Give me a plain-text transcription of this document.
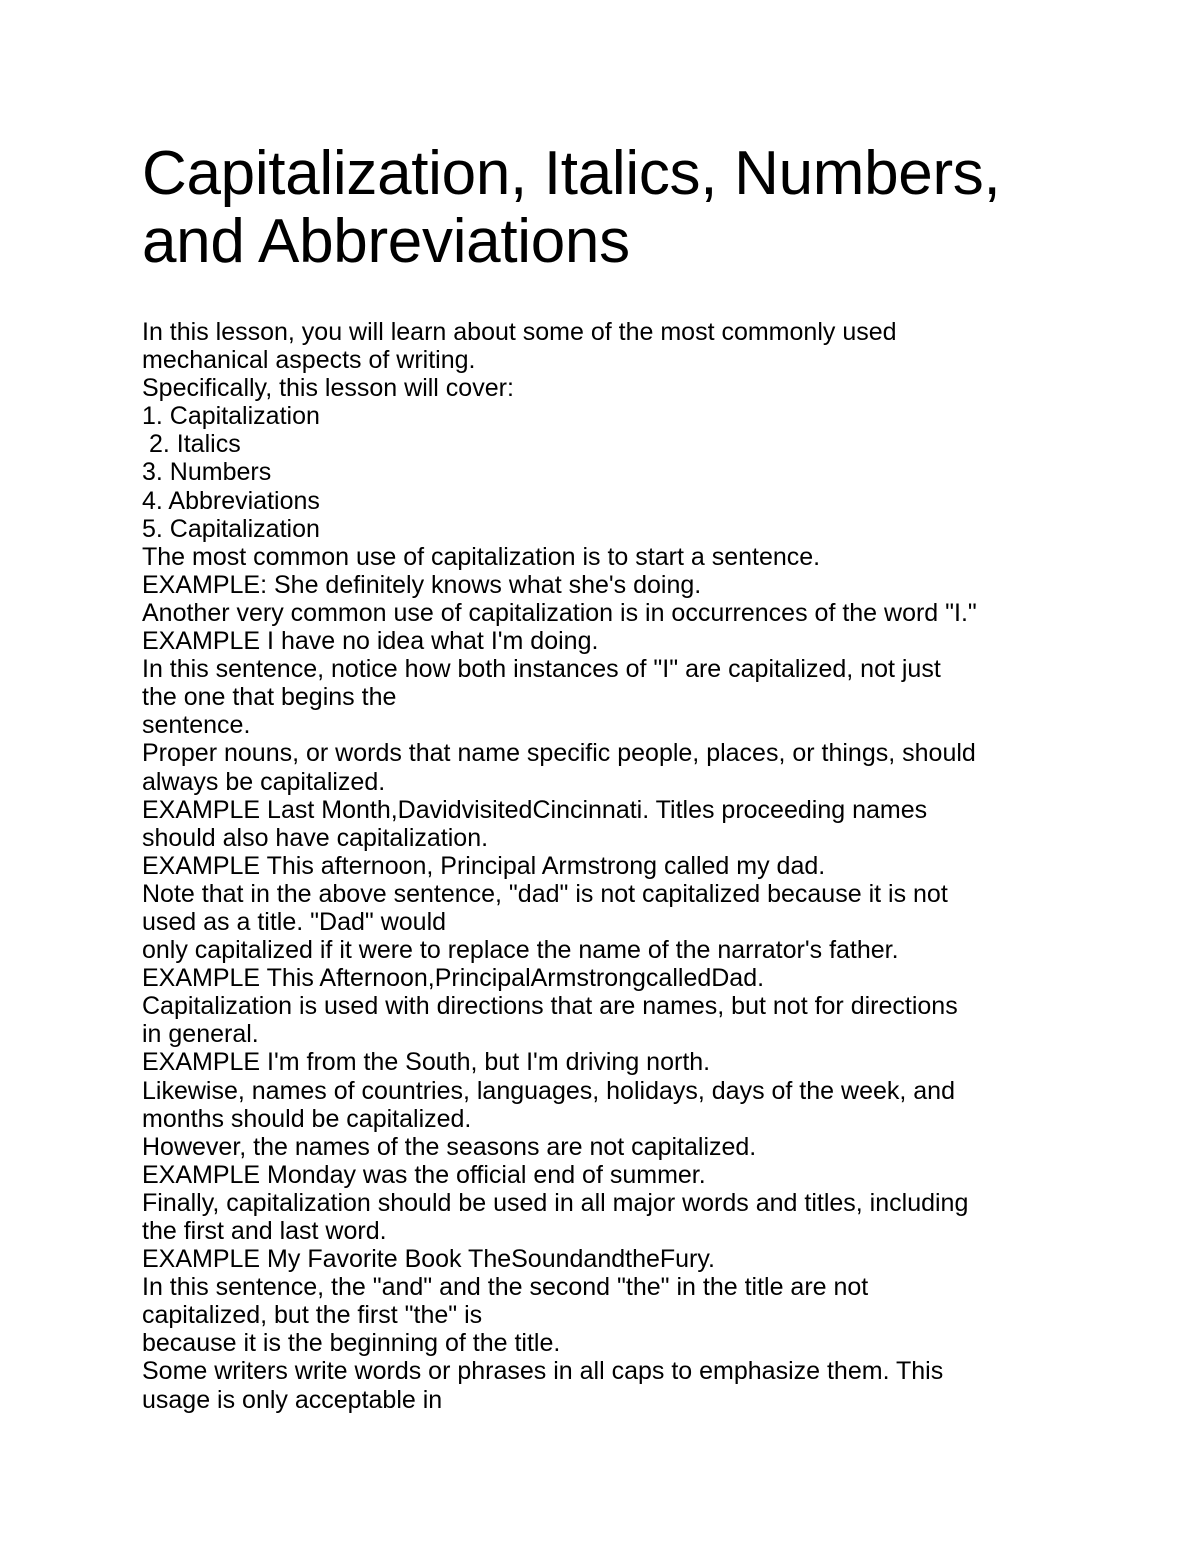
Capitalization, Italics, Numbers,
and Abbreviations
In this lesson, you will learn about some of the most commonly used
mechanical aspects of writing.
Specifically, this lesson will cover:
1. Capitalization
2. Italics
3. Numbers
4. Abbreviations
5. Capitalization
The most common use of capitalization is to start a sentence.
EXAMPLE: She definitely knows what she's doing.
Another very common use of capitalization is in occurrences of the word "I."
EXAMPLE I have no idea what I'm doing.
In this sentence, notice how both instances of "I" are capitalized, not just
the one that begins the
sentence.
Proper nouns, or words that name specific people, places, or things, should
always be capitalized.
EXAMPLE Last Month,DavidvisitedCincinnati. Titles proceeding names
should also have capitalization.
EXAMPLE This afternoon, Principal Armstrong called my dad.
Note that in the above sentence, "dad" is not capitalized because it is not
used as a title. "Dad" would
only capitalized if it were to replace the name of the narrator's father.
EXAMPLE This Afternoon,PrincipalArmstrongcalledDad.
Capitalization is used with directions that are names, but not for directions
in general.
EXAMPLE I'm from the South, but I'm driving north.
Likewise, names of countries, languages, holidays, days of the week, and
months should be capitalized.
However, the names of the seasons are not capitalized.
EXAMPLE Monday was the official end of summer.
Finally, capitalization should be used in all major words and titles, including
the first and last word.
EXAMPLE My Favorite Book TheSoundandtheFury.
In this sentence, the "and" and the second "the" in the title are not
capitalized, but the first "the" is
because it is the beginning of the title.
Some writers write words or phrases in all caps to emphasize them. This
usage is only acceptable in
